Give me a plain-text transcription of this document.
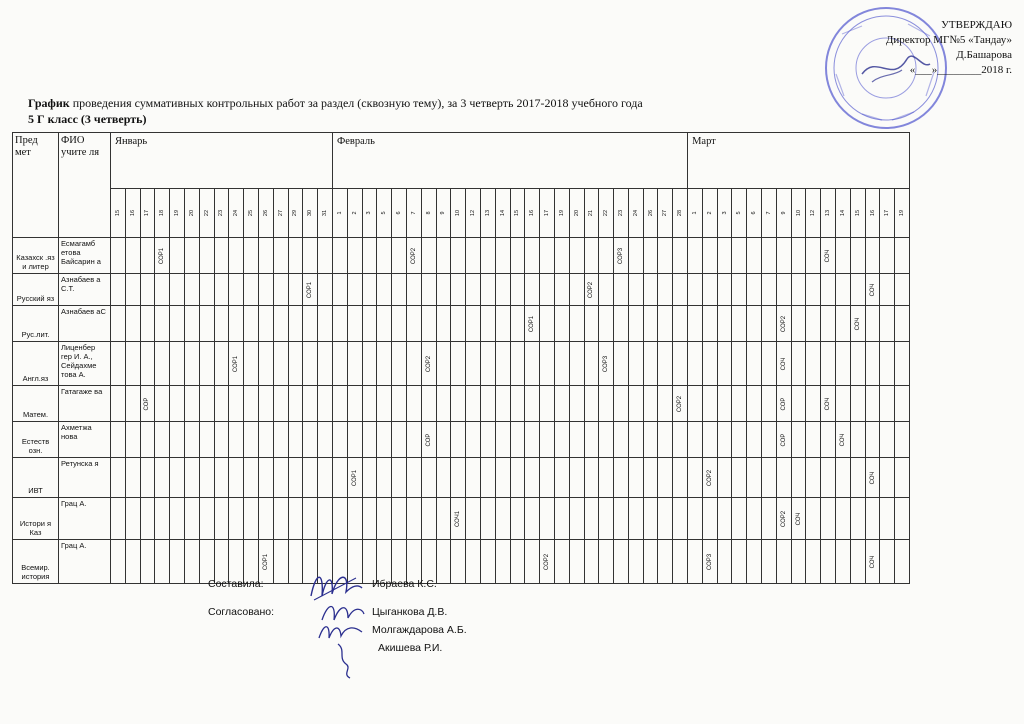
УТВЕРЖДАЮ
Директор МГ№5 «Тандау»
Д.Башарова
«___»________2018 г.
График проведения суммативных контрольных работ за раздел (сквозную тему), за 3 четверть 2017-2018 учебного года
5 Г класс (3 четверть)
Пред мет	ФИО учите ля	Январь															Февраль																								Март														

		15	16	17	18	19	20	22	23	24	25	26	27	29	30	31	1	2	3	5	6	7	8	9	10	12	13	14	15	16	17	19	20	21	22	23	24	26	27	28	1	2	3	5	6	7	9	10	12	13	14	15	16	17	19

Казахск .яз и литер	Есмагамб етова Байсарин а				СОР1																	СОР2														СОР3														СОЧ					

Русский яз	Азнабаев а С.Т.														СОР1																			СОР2																			СОЧ		

Рус.лит.	Азнабаев аС																													СОР1																	СОР2					СОЧ			

Англ.яз	Лиценбер гер И. А., Сейдахме това А.									СОР1													СОР2												СОР3												СОЧ								

Матем.	Гатагаже ва			СОР																																				СОР2							СОР			СОЧ					

Естеств озн.	Ахметжа нова																						СОР																								СОР				СОЧ				

ИВТ	Ретунска я																	СОР1																								СОР2											СОЧ		

Истори я Каз	Грац А.																								СОЧ1																						СОР2	СОЧ							

Всемир. история	Грац А.											СОР1																			СОР2											СОР3											СОЧ		

Составила:	Ибраева К.С.
Согласовано:	Цыганкова Д.В.
Молгаждарова А.Б.
Акишева Р.И.
